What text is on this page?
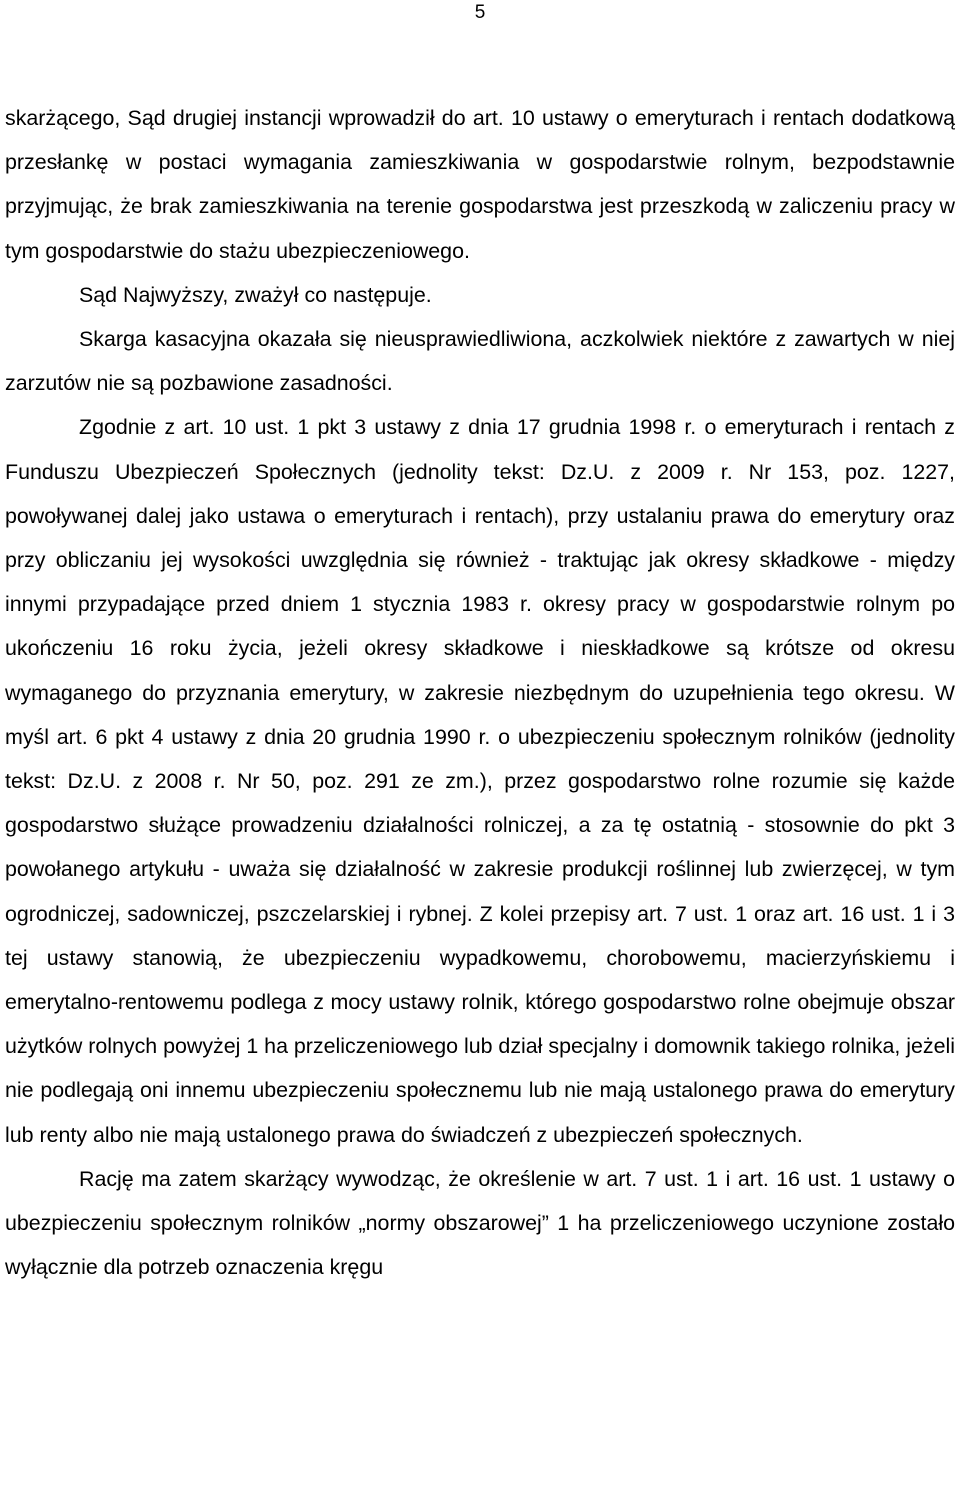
5

skarżącego, Sąd drugiej instancji wprowadził do art. 10 ustawy o emeryturach i rentach dodatkową przesłankę w postaci wymagania zamieszkiwania w gospodarstwie rolnym, bezpodstawnie przyjmując, że brak zamieszkiwania na terenie gospodarstwa jest przeszkodą w zaliczeniu pracy w tym gospodarstwie do stażu ubezpieczeniowego.

Sąd Najwyższy, zważył co następuje.

Skarga kasacyjna okazała się nieusprawiedliwiona, aczkolwiek niektóre z zawartych w niej zarzutów nie są pozbawione zasadności.

Zgodnie z art. 10 ust. 1 pkt 3 ustawy z dnia 17 grudnia 1998 r. o emeryturach i rentach z Funduszu Ubezpieczeń Społecznych (jednolity tekst: Dz.U. z 2009 r. Nr 153, poz. 1227, powoływanej dalej jako ustawa o emeryturach i rentach), przy ustalaniu prawa do emerytury oraz przy obliczaniu jej wysokości uwzględnia się również - traktując jak okresy składkowe - między innymi przypadające przed dniem 1 stycznia 1983 r. okresy pracy w gospodarstwie rolnym po ukończeniu 16 roku życia, jeżeli okresy składkowe i nieskładkowe są krótsze od okresu wymaganego do przyznania emerytury, w zakresie niezbędnym do uzupełnienia tego okresu. W myśl art. 6 pkt 4 ustawy z dnia 20 grudnia 1990 r. o ubezpieczeniu społecznym rolników (jednolity tekst: Dz.U. z 2008 r. Nr 50, poz. 291 ze zm.), przez gospodarstwo rolne rozumie się każde gospodarstwo służące prowadzeniu działalności rolniczej, a za tę ostatnią - stosownie do pkt 3 powołanego artykułu - uważa się działalność w zakresie produkcji roślinnej lub zwierzęcej, w tym ogrodniczej, sadowniczej, pszczelarskiej i rybnej. Z kolei przepisy art. 7 ust. 1 oraz art. 16 ust. 1 i 3 tej ustawy stanowią, że ubezpieczeniu wypadkowemu, chorobowemu, macierzyńskiemu i emerytalno-rentowemu podlega z mocy ustawy rolnik, którego gospodarstwo rolne obejmuje obszar użytków rolnych powyżej 1 ha przeliczeniowego lub dział specjalny i domownik takiego rolnika, jeżeli nie podlegają oni innemu ubezpieczeniu społecznemu lub nie mają ustalonego prawa do emerytury lub renty albo nie mają ustalonego prawa do świadczeń z ubezpieczeń społecznych.

Rację ma zatem skarżący wywodząc, że określenie w art. 7 ust. 1 i art. 16 ust. 1 ustawy o ubezpieczeniu społecznym rolników „normy obszarowej” 1 ha przeliczeniowego uczynione zostało wyłącznie dla potrzeb oznaczenia kręgu
